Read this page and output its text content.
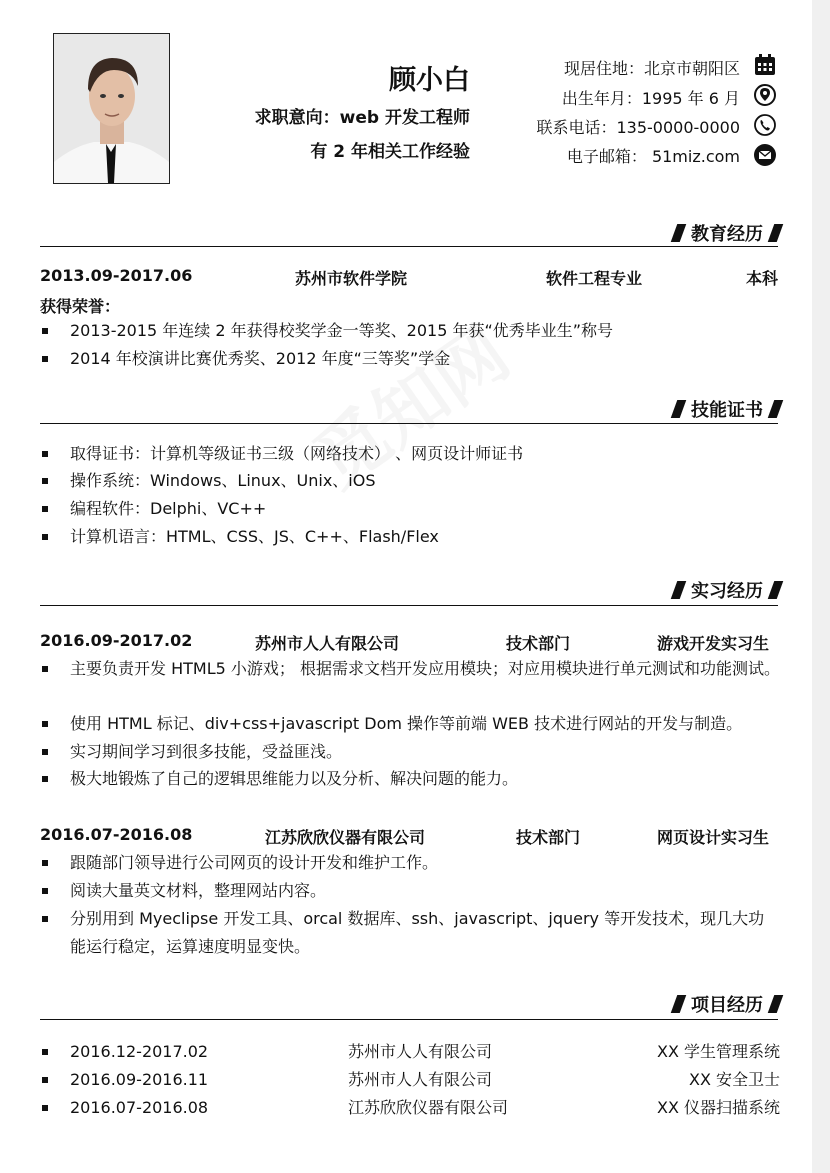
顾小白
求职意向：web 开发工程师
有 2 年相关工作经验
现居住地：北京市朝阳区
出生年月：1995 年 6 月
联系电话：135-0000-0000
电子邮箱： 51miz.com
教育经历
2013.09-2017.06	苏州市软件学院	软件工程专业	本科
获得荣誉：
2013-2015 年连续 2 年获得校奖学金一等奖、2015 年获“优秀毕业生”称号
2014 年校演讲比赛优秀奖、2012 年度“三等奖”学金
技能证书
取得证书：计算机等级证书三级（网络技术） 、网页设计师证书
操作系统：Windows、Linux、Unix、iOS
编程软件：Delphi、VC++
计算机语言：HTML、CSS、JS、C++、Flash/Flex
实习经历
2016.09-2017.02	苏州市人人有限公司	技术部门	游戏开发实习生
主要负责开发 HTML5 小游戏； 根据需求文档开发应用模块；对应用模块进行单元测试和功能测试。
使用 HTML 标记、div+css+javascript Dom 操作等前端 WEB 技术进行网站的开发与制造。
实习期间学习到很多技能，受益匪浅。
极大地锻炼了自己的逻辑思维能力以及分析、解决问题的能力。
2016.07-2016.08	江苏欣欣仪器有限公司	技术部门	网页设计实习生
跟随部门领导进行公司网页的设计开发和维护工作。
阅读大量英文材料，整理网站内容。
分别用到 Myeclipse 开发工具、orcal 数据库、ssh、javascript、jquery 等开发技术，现几大功能运行稳定，运算速度明显变快。
项目经历
2016.12-2017.02	苏州市人人有限公司	XX 学生管理系统
2016.09-2016.11	苏州市人人有限公司	XX 安全卫士
2016.07-2016.08	江苏欣欣仪器有限公司	XX 仪器扫描系统
